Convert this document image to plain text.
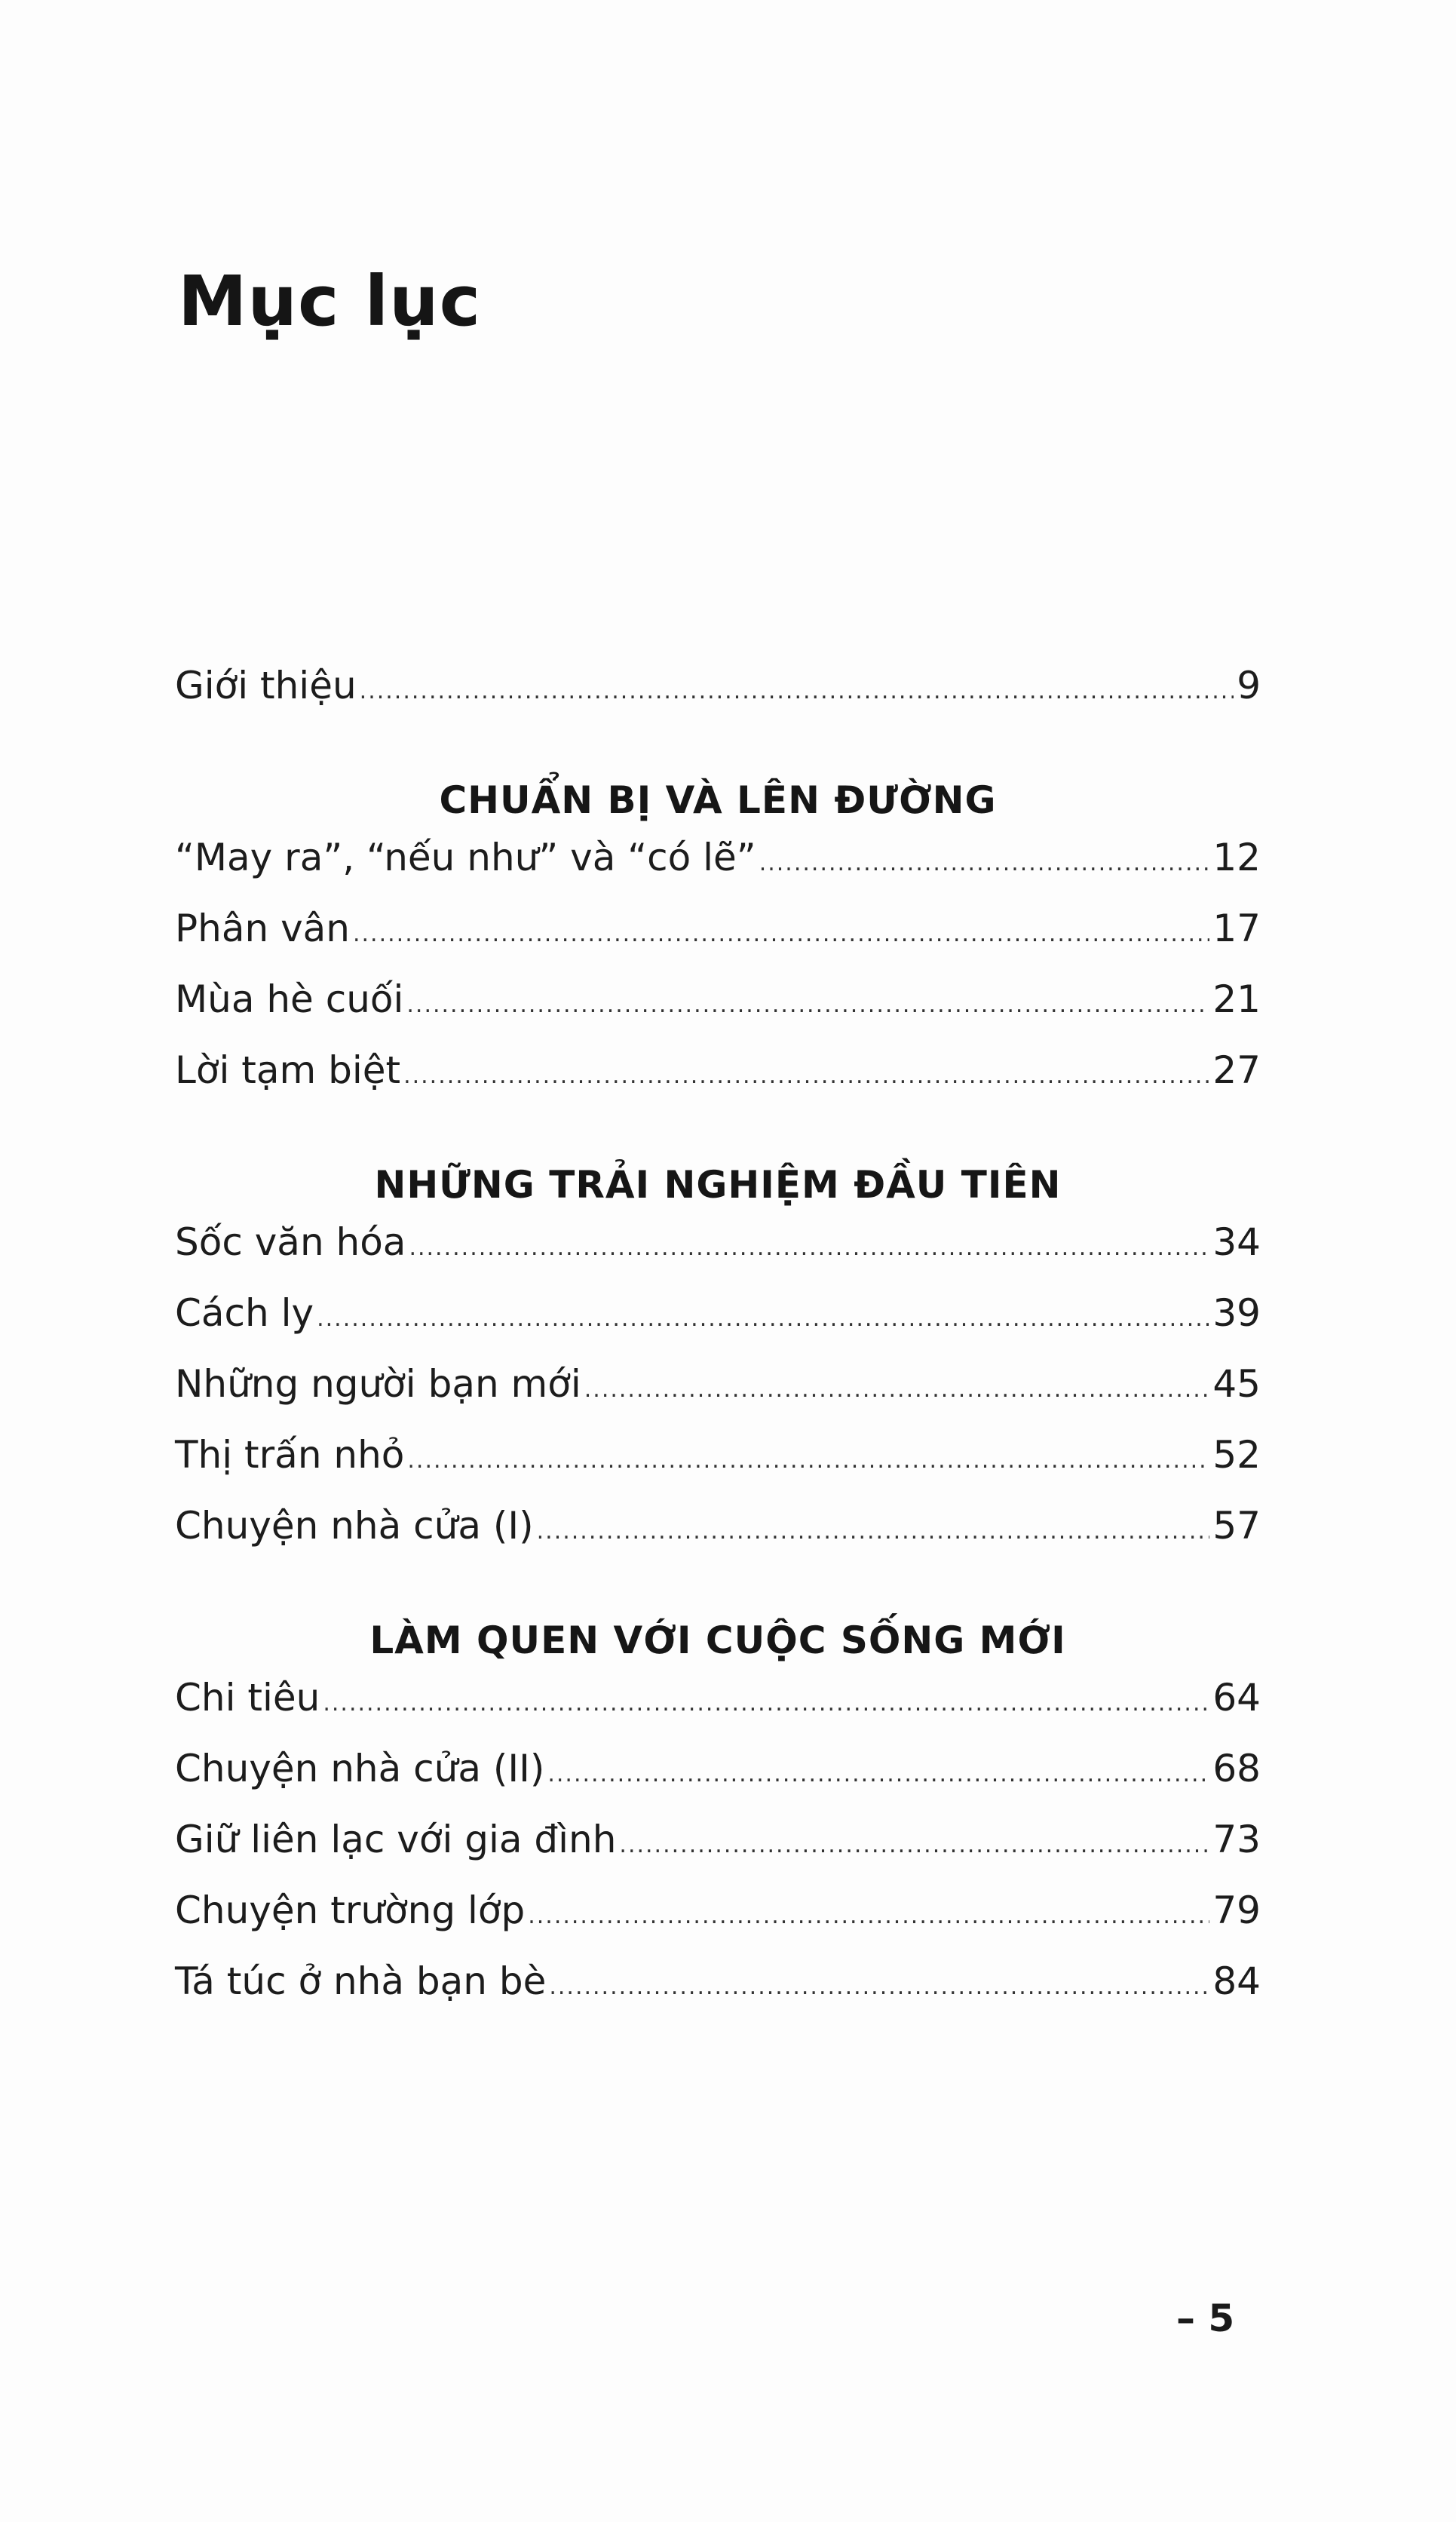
Mục lục
Giới thiệu .....	9
CHUẨN BỊ VÀ LÊN ĐƯỜNG
“May ra”, “nếu như” và “có lẽ” .....	12
Phân vân .....	17
Mùa hè cuối .....	21
Lời tạm biệt .....	27
NHỮNG TRẢI NGHIỆM ĐẦU TIÊN
Sốc văn hóa .....	34
Cách ly .....	39
Những người bạn mới .....	45
Thị trấn nhỏ .....	52
Chuyện nhà cửa (I) .....	57
LÀM QUEN VỚI CUỘC SỐNG MỚI
Chi tiêu .....	64
Chuyện nhà cửa (II) .....	68
Giữ liên lạc với gia đình .....	73
Chuyện trường lớp .....	79
Tá túc ở nhà bạn bè .....	84
– 5
